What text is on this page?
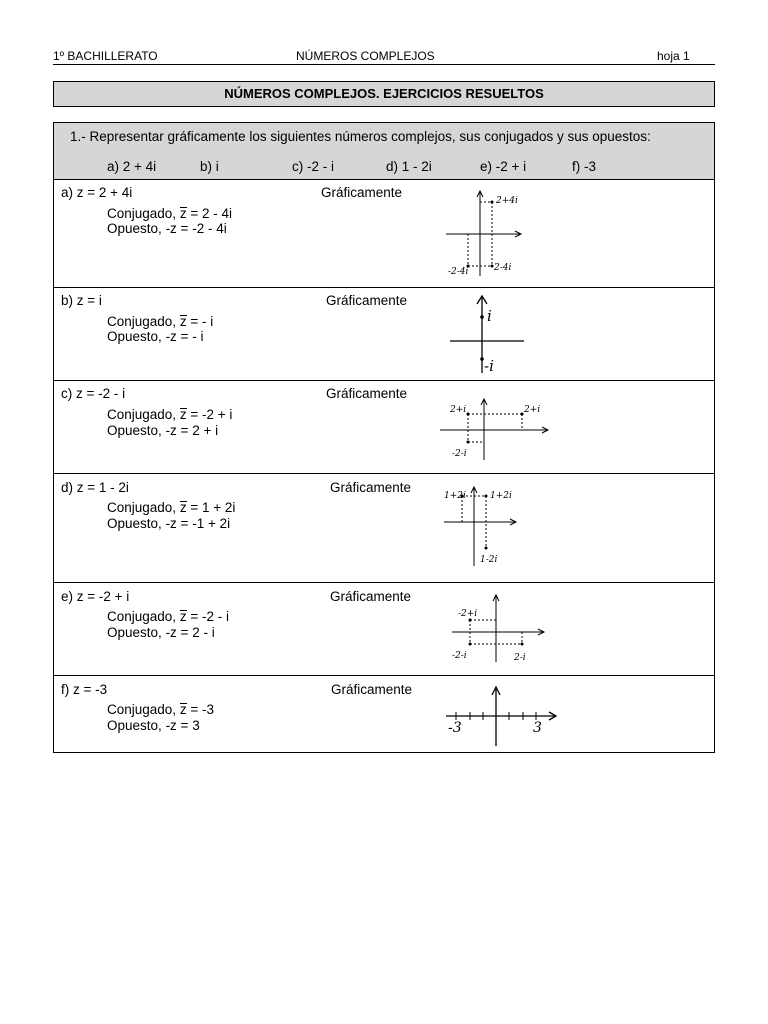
1º BACHILLERATO	NÚMEROS COMPLEJOS	hoja 1
NÚMEROS COMPLEJOS. EJERCICIOS RESUELTOS
1.- Representar gráficamente los siguientes números complejos, sus conjugados y sus opuestos:
a) 2 + 4i	b) i	c) -2 - i	d) 1 - 2i	e) -2 + i	f) -3
a) z = 2 + 4i
Conjugado, z = 2 - 4i
Opuesto, -z = -2 - 4i
Gráficamente
2+4i
-2-4i	2-4i
b) z = i
Conjugado, z = - i
Opuesto, -z = - i
Gráficamente
i
-i
c) z = -2 - i
Conjugado, z = -2 + i
Opuesto, -z = 2 + i
Gráficamente
2+i	2+i
-2-i
d) z = 1 - 2i
Conjugado, z = 1 + 2i
Opuesto, -z = -1 + 2i
Gráficamente
1+2i	1+2i
1-2i
e) z = -2 + i
Conjugado, z = -2 - i
Opuesto, -z = 2 - i
Gráficamente
-2+i
-2-i	2-i
f) z = -3
Conjugado, z = -3
Opuesto, -z = 3
Gráficamente
-3	3
